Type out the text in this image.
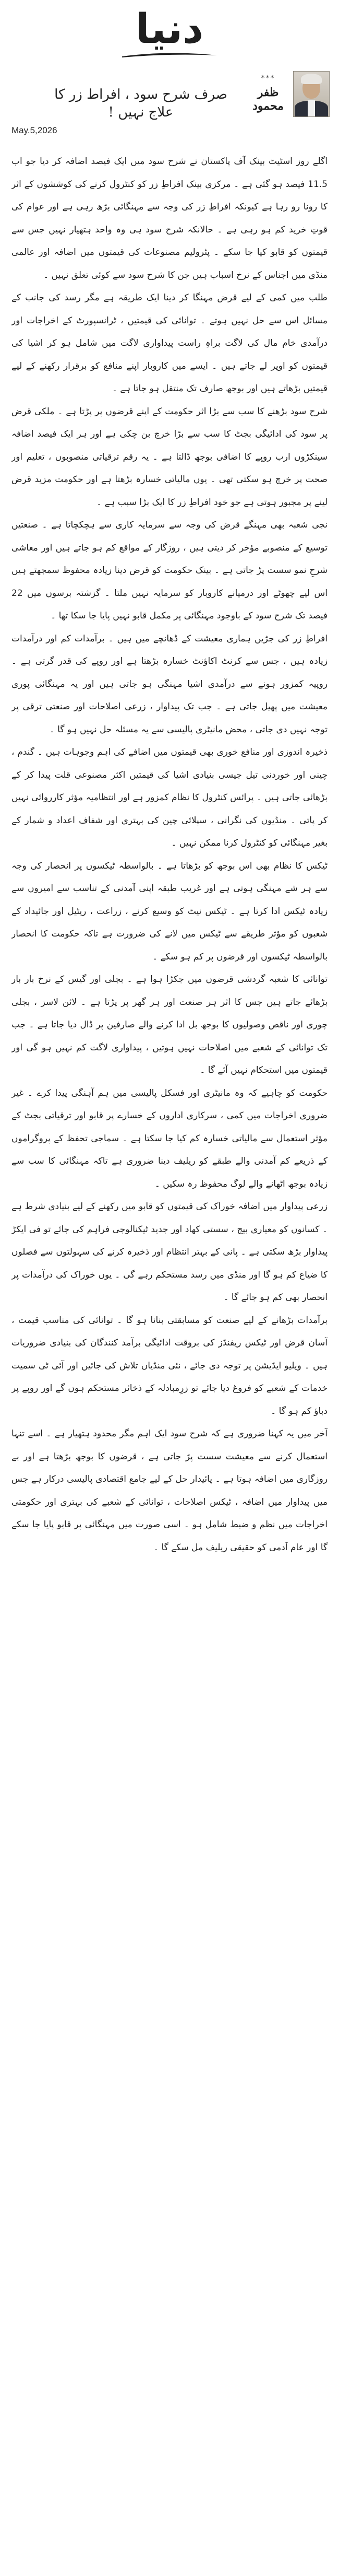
دنیا
***
ظفر محمود
صرف شرح سود ، افراط زر کا علاج نہیں !
May.5,2026

اگلے روز اسٹیٹ بینک آف پاکستان نے شرح سود میں ایک فیصد اضافہ کر دیا جو اب 11.5 فیصد ہو گئی ہے ۔ مرکزی بینک افراطِ زر کو کنٹرول کرنے کی کوششوں کے اثر کا رونا رو رہا ہے کیونکہ افراطِ زر کی وجہ سے مہنگائی بڑھ رہی ہے اور عوام کی قوتِ خرید کم ہو رہی ہے ۔ حالانکہ شرح سود ہی وہ واحد ہتھیار نہیں جس سے قیمتوں کو قابو کیا جا سکے ۔ پٹرولیم مصنوعات کی قیمتوں میں اضافہ اور عالمی منڈی میں اجناس کے نرخ اسباب ہیں جن کا شرح سود سے کوئی تعلق نہیں ۔

طلب میں کمی کے لیے قرض مہنگا کر دینا ایک طریقہ ہے مگر رسد کی جانب کے مسائل اس سے حل نہیں ہوتے ۔ توانائی کی قیمتیں ، ٹرانسپورٹ کے اخراجات اور درآمدی خام مال کی لاگت براہِ راست پیداواری لاگت میں شامل ہو کر اشیا کی قیمتوں کو اوپر لے جاتے ہیں ۔ ایسے میں کاروبار اپنے منافع کو برقرار رکھنے کے لیے قیمتیں بڑھاتے ہیں اور بوجھ صارف تک منتقل ہو جاتا ہے ۔

شرح سود بڑھنے کا سب سے بڑا اثر حکومت کے اپنے قرضوں پر پڑتا ہے ۔ ملکی قرض پر سود کی ادائیگی بجٹ کا سب سے بڑا خرچ بن چکی ہے اور ہر ایک فیصد اضافہ سینکڑوں ارب روپے کا اضافی بوجھ ڈالتا ہے ۔ یہ رقم ترقیاتی منصوبوں ، تعلیم اور صحت پر خرچ ہو سکتی تھی ۔ یوں مالیاتی خسارہ بڑھتا ہے اور حکومت مزید قرض لینے پر مجبور ہوتی ہے جو خود افراطِ زر کا ایک بڑا سبب ہے ۔

نجی شعبہ بھی مہنگے قرض کی وجہ سے سرمایہ کاری سے ہچکچاتا ہے ۔ صنعتیں توسیع کے منصوبے مؤخر کر دیتی ہیں ، روزگار کے مواقع کم ہو جاتے ہیں اور معاشی شرحِ نمو سست پڑ جاتی ہے ۔ بینک حکومت کو قرض دینا زیادہ محفوظ سمجھتے ہیں اس لیے چھوٹے اور درمیانے کاروبار کو سرمایہ نہیں ملتا ۔ گزشتہ برسوں میں 22 فیصد تک شرح سود کے باوجود مہنگائی پر مکمل قابو نہیں پایا جا سکا تھا ۔

افراطِ زر کی جڑیں ہماری معیشت کے ڈھانچے میں ہیں ۔ برآمدات کم اور درآمدات زیادہ ہیں ، جس سے کرنٹ اکاؤنٹ خسارہ بڑھتا ہے اور روپے کی قدر گرتی ہے ۔ روپیہ کمزور ہونے سے درآمدی اشیا مہنگی ہو جاتی ہیں اور یہ مہنگائی پوری معیشت میں پھیل جاتی ہے ۔ جب تک پیداوار ، زرعی اصلاحات اور صنعتی ترقی پر توجہ نہیں دی جاتی ، محض مانیٹری پالیسی سے یہ مسئلہ حل نہیں ہو گا ۔

ذخیرہ اندوزی اور منافع خوری بھی قیمتوں میں اضافے کی اہم وجوہات ہیں ۔ گندم ، چینی اور خوردنی تیل جیسی بنیادی اشیا کی قیمتیں اکثر مصنوعی قلت پیدا کر کے بڑھائی جاتی ہیں ۔ پرائس کنٹرول کا نظام کمزور ہے اور انتظامیہ مؤثر کارروائی نہیں کر پاتی ۔ منڈیوں کی نگرانی ، سپلائی چین کی بہتری اور شفاف اعداد و شمار کے بغیر مہنگائی کو کنٹرول کرنا ممکن نہیں ۔

ٹیکس کا نظام بھی اس بوجھ کو بڑھاتا ہے ۔ بالواسطہ ٹیکسوں پر انحصار کی وجہ سے ہر شے مہنگی ہوتی ہے اور غریب طبقہ اپنی آمدنی کے تناسب سے امیروں سے زیادہ ٹیکس ادا کرتا ہے ۔ ٹیکس نیٹ کو وسیع کرنے ، زراعت ، ریٹیل اور جائیداد کے شعبوں کو مؤثر طریقے سے ٹیکس میں لانے کی ضرورت ہے تاکہ حکومت کا انحصار بالواسطہ ٹیکسوں اور قرضوں پر کم ہو سکے ۔

توانائی کا شعبہ گردشی قرضوں میں جکڑا ہوا ہے ۔ بجلی اور گیس کے نرخ بار بار بڑھائے جاتے ہیں جس کا اثر ہر صنعت اور ہر گھر پر پڑتا ہے ۔ لائن لاسز ، بجلی چوری اور ناقص وصولیوں کا بوجھ بل ادا کرنے والے صارفین پر ڈال دیا جاتا ہے ۔ جب تک توانائی کے شعبے میں اصلاحات نہیں ہوتیں ، پیداواری لاگت کم نہیں ہو گی اور قیمتوں میں استحکام نہیں آئے گا ۔

حکومت کو چاہیے کہ وہ مانیٹری اور فسکل پالیسی میں ہم آہنگی پیدا کرے ۔ غیر ضروری اخراجات میں کمی ، سرکاری اداروں کے خسارے پر قابو اور ترقیاتی بجٹ کے مؤثر استعمال سے مالیاتی خسارہ کم کیا جا سکتا ہے ۔ سماجی تحفظ کے پروگراموں کے ذریعے کم آمدنی والے طبقے کو ریلیف دینا ضروری ہے تاکہ مہنگائی کا سب سے زیادہ بوجھ اٹھانے والے لوگ محفوظ رہ سکیں ۔

زرعی پیداوار میں اضافہ خوراک کی قیمتوں کو قابو میں رکھنے کے لیے بنیادی شرط ہے ۔ کسانوں کو معیاری بیج ، سستی کھاد اور جدید ٹیکنالوجی فراہم کی جائے تو فی ایکڑ پیداوار بڑھ سکتی ہے ۔ پانی کے بہتر انتظام اور ذخیرہ کرنے کی سہولتوں سے فصلوں کا ضیاع کم ہو گا اور منڈی میں رسد مستحکم رہے گی ۔ یوں خوراک کی درآمدات پر انحصار بھی کم ہو جائے گا ۔

برآمدات بڑھانے کے لیے صنعت کو مسابقتی بنانا ہو گا ۔ توانائی کی مناسب قیمت ، آسان قرض اور ٹیکس ریفنڈز کی بروقت ادائیگی برآمد کنندگان کی بنیادی ضروریات ہیں ۔ ویلیو ایڈیشن پر توجہ دی جائے ، نئی منڈیاں تلاش کی جائیں اور آئی ٹی سمیت خدمات کے شعبے کو فروغ دیا جائے تو زرِمبادلہ کے ذخائر مستحکم ہوں گے اور روپے پر دباؤ کم ہو گا ۔

آخر میں یہ کہنا ضروری ہے کہ شرح سود ایک اہم مگر محدود ہتھیار ہے ۔ اسے تنہا استعمال کرنے سے معیشت سست پڑ جاتی ہے ، قرضوں کا بوجھ بڑھتا ہے اور بے روزگاری میں اضافہ ہوتا ہے ۔ پائیدار حل کے لیے جامع اقتصادی پالیسی درکار ہے جس میں پیداوار میں اضافہ ، ٹیکس اصلاحات ، توانائی کے شعبے کی بہتری اور حکومتی اخراجات میں نظم و ضبط شامل ہو ۔ اسی صورت میں مہنگائی پر قابو پایا جا سکے گا اور عام آدمی کو حقیقی ریلیف مل سکے گا ۔
